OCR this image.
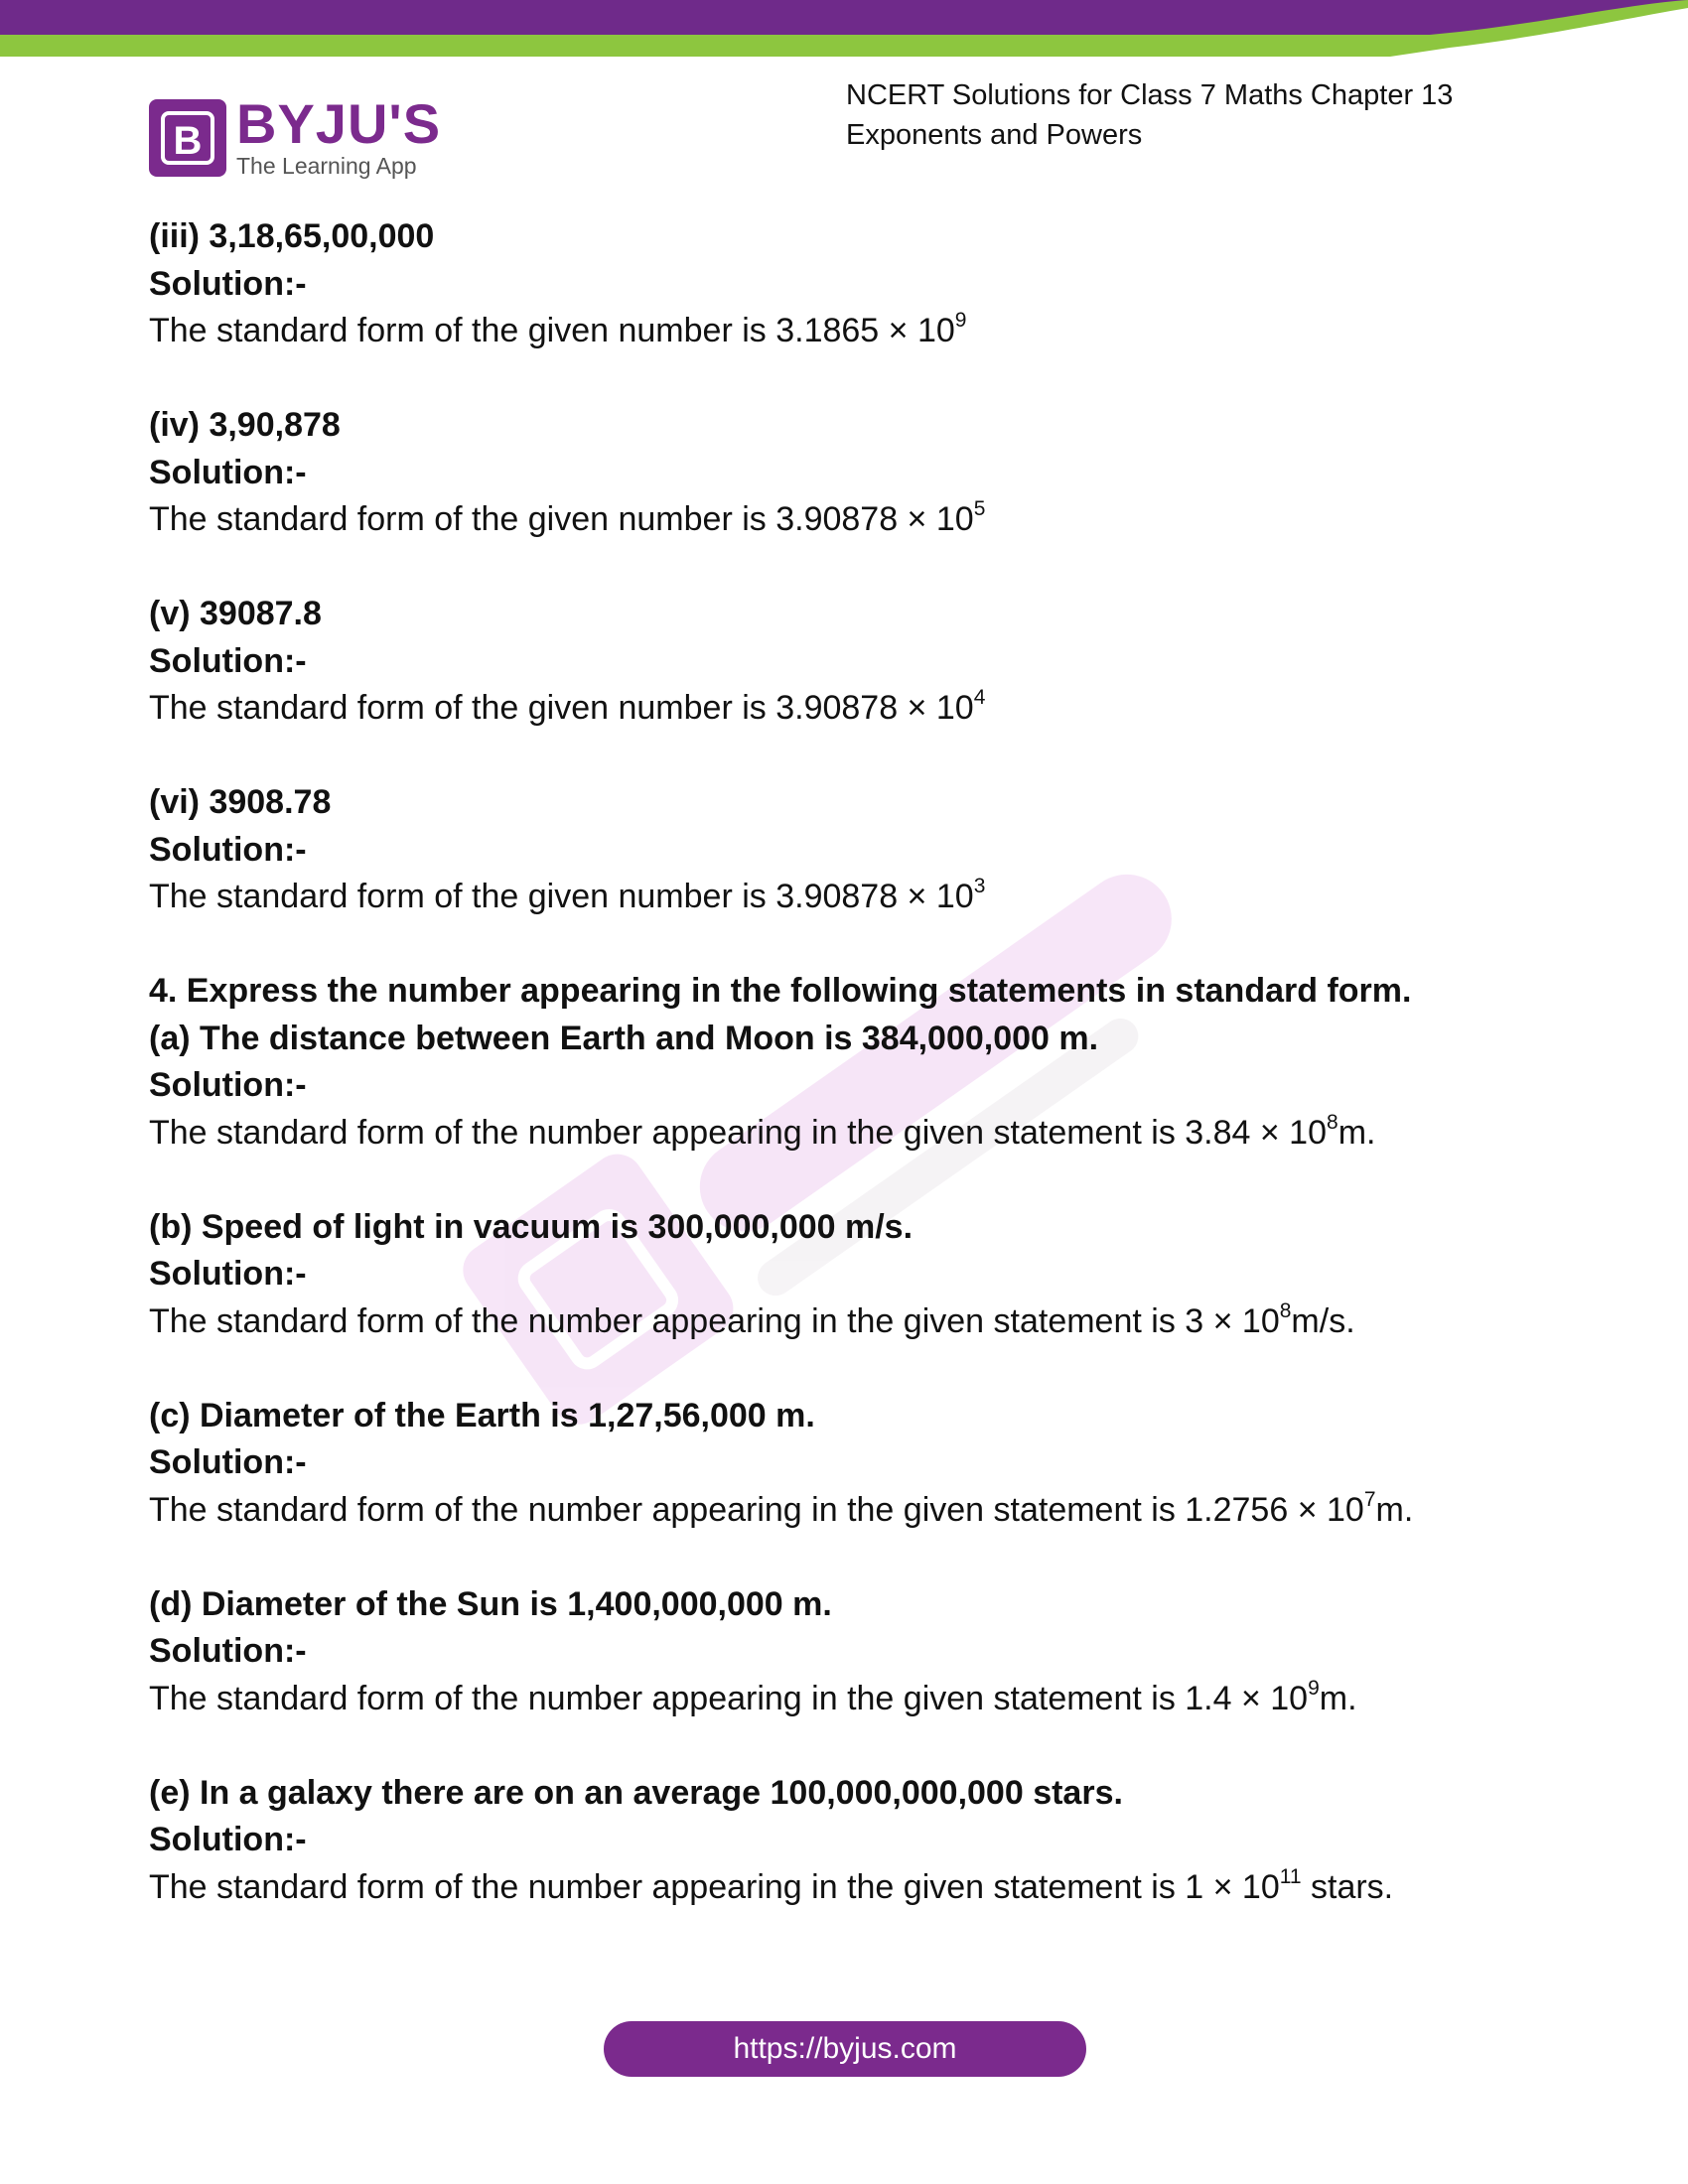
B BYJU'S
The Learning App
NCERT Solutions for Class 7 Maths Chapter 13
Exponents and Powers
(iii) 3,18,65,00,000
Solution:-
The standard form of the given number is $3.1865 \times 10^9$
(iv) 3,90,878
Solution:-
The standard form of the given number is $3.90878 \times 10^5$
(v) 39087.8
Solution:-
The standard form of the given number is $3.90878 \times 10^4$
(vi) 3908.78
Solution:-
The standard form of the given number is $3.90878 \times 10^3$
4. Express the number appearing in the following statements in standard form.
(a) The distance between Earth and Moon is 384,000,000 m.
Solution:-
The standard form of the number appearing in the given statement is $3.84 \times 10^8m$.
(b) Speed of light in vacuum is 300,000,000 m/s.
Solution:-
The standard form of the number appearing in the given statement is $3 \times 10^8m/s$.
(c) Diameter of the Earth is 1,27,56,000 m.
Solution:-
The standard form of the number appearing in the given statement is $1.2756 \times 10^7m$.
(d) Diameter of the Sun is 1,400,000,000 m.
Solution:-
The standard form of the number appearing in the given statement is $1.4 \times 10^9m$.
(e) In a galaxy there are on an average 100,000,000,000 stars.
Solution:-
The standard form of the number appearing in the given statement is $1 \times 10^{11}$ stars.
https://byjus.com
